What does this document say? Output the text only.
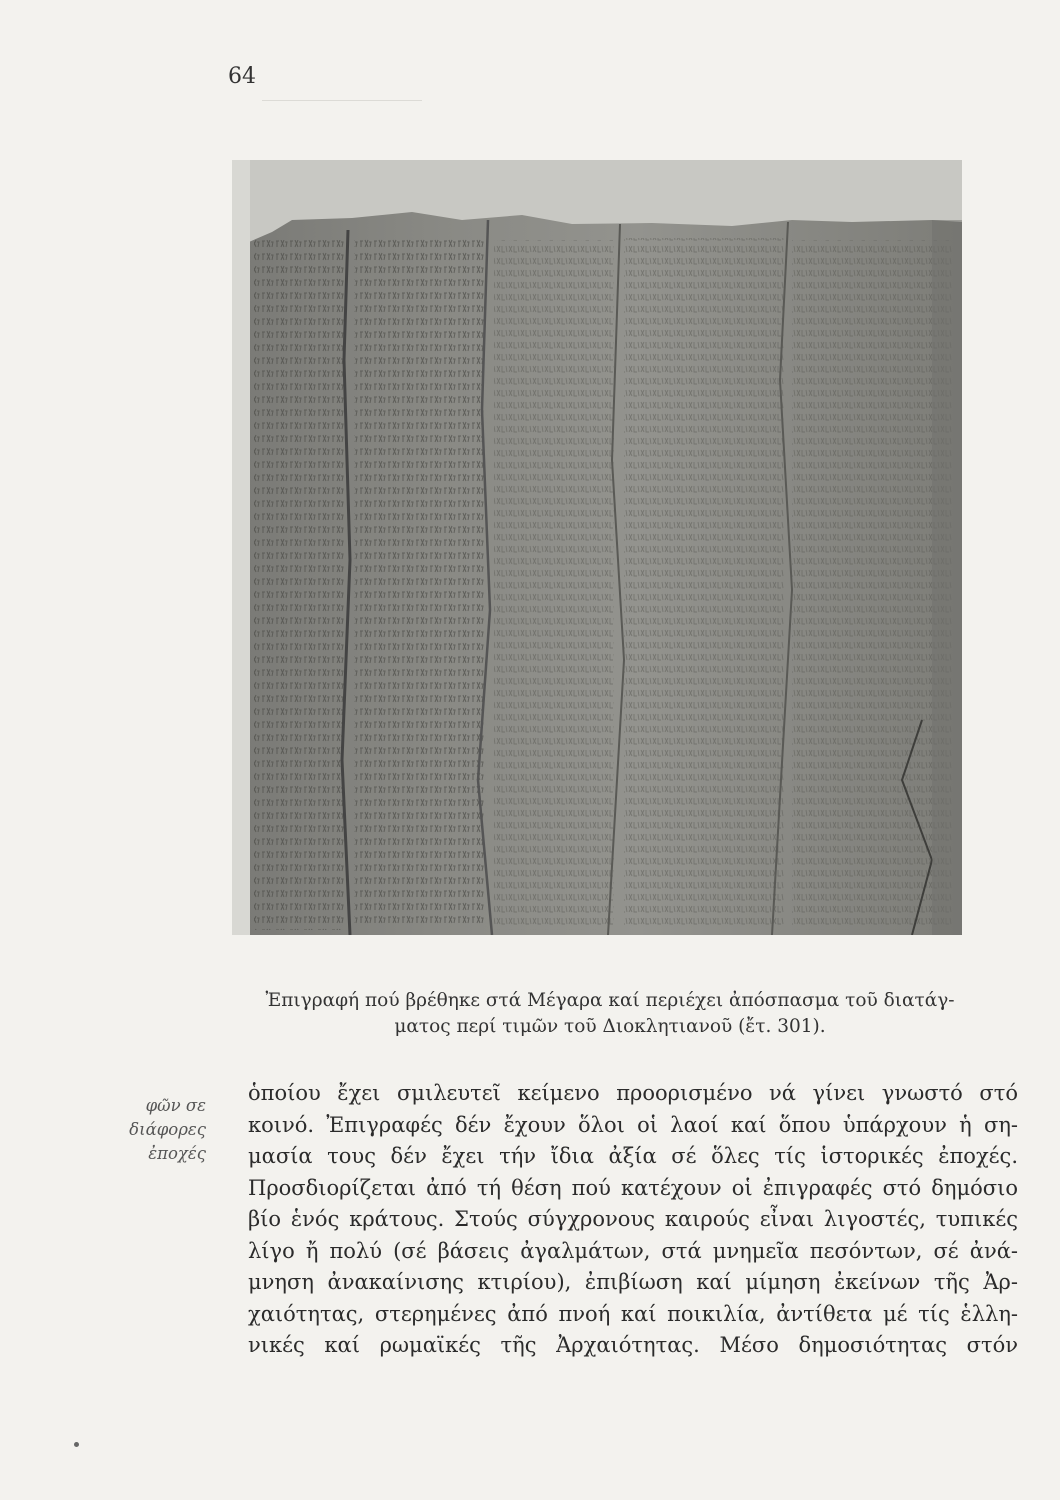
64
Ἐπιγραφή πού βρέθηκε στά Μέγαρα καί περιέχει ἀπόσπασμα τοῦ διατάγ-
ματος περί τιμῶν τοῦ Διοκλητιανοῦ (ἔτ. 301).
φῶν σε
διάφορες
ἐποχές
ὁποίου ἔχει σμιλευτεῖ κείμενο προορισμένο νά γίνει γνωστό στό
κοινό. Ἐπιγραφές δέν ἔχουν ὅλοι οἱ λαοί καί ὅπου ὑπάρχουν ἡ ση-
μασία τους δέν ἔχει τήν ἴδια ἀξία σέ ὅλες τίς ἱστορικές ἐποχές.
Προσδιορίζεται ἀπό τή θέση πού κατέχουν οἱ ἐπιγραφές στό δημόσιο
βίο ἑνός κράτους. Στούς σύγχρονους καιρούς εἶναι λιγοστές, τυπικές
λίγο ἤ πολύ (σέ βάσεις ἀγαλμάτων, στά μνημεῖα πεσόντων, σέ ἀνά-
μνηση ἀνακαίνισης κτιρίου), ἐπιβίωση καί μίμηση ἐκείνων τῆς Ἀρ-
χαιότητας, στερημένες ἀπό πνοή καί ποικιλία, ἀντίθετα μέ τίς ἑλλη-
νικές καί ρωμαϊκές τῆς Ἀρχαιότητας. Μέσο δημοσιότητας στόν
